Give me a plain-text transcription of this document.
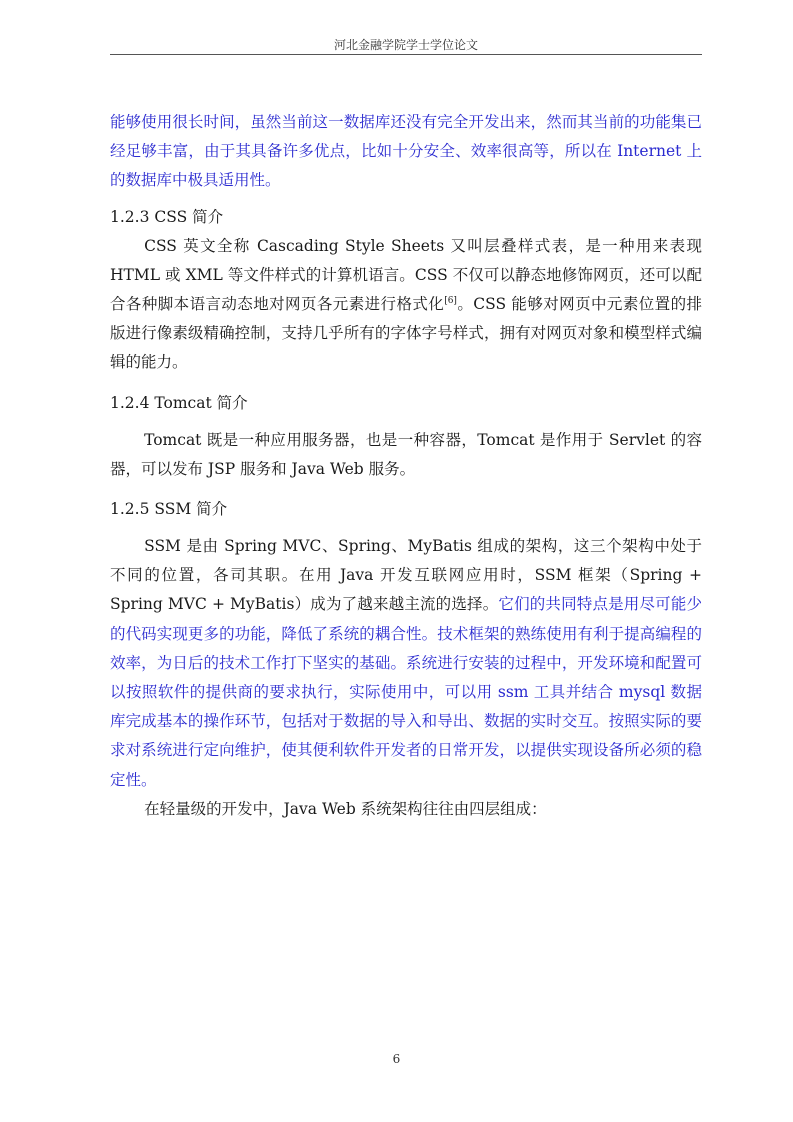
河北金融学院学士学位论文

能够使用很长时间，虽然当前这一数据库还没有完全开发出来，然而其当前的功能集已经足够丰富，由于其具备许多优点，比如十分安全、效率很高等，所以在 Internet 上的数据库中极具适用性。

1.2.3 CSS 简介

CSS 英文全称 Cascading Style Sheets 又叫层叠样式表，是一种用来表现 HTML 或 XML 等文件样式的计算机语言。CSS 不仅可以静态地修饰网页，还可以配合各种脚本语言动态地对网页各元素进行格式化[6]。CSS 能够对网页中元素位置的排版进行像素级精确控制，支持几乎所有的字体字号样式，拥有对网页对象和模型样式编辑的能力。

1.2.4 Tomcat 简介

Tomcat 既是一种应用服务器，也是一种容器，Tomcat 是作用于 Servlet 的容器，可以发布 JSP 服务和 Java Web 服务。

1.2.5 SSM 简介

SSM 是由 Spring MVC、Spring、MyBatis 组成的架构，这三个架构中处于不同的位置，各司其职。在用 Java 开发互联网应用时，SSM 框架（Spring + Spring MVC + MyBatis）成为了越来越主流的选择。它们的共同特点是用尽可能少的代码实现更多的功能，降低了系统的耦合性。技术框架的熟练使用有利于提高编程的效率，为日后的技术工作打下坚实的基础。系统进行安装的过程中，开发环境和配置可以按照软件的提供商的要求执行，实际使用中，可以用 ssm 工具并结合 mysql 数据库完成基本的操作环节，包括对于数据的导入和导出、数据的实时交互。按照实际的要求对系统进行定向维护，使其便利软件开发者的日常开发，以提供实现设备所必须的稳定性。

在轻量级的开发中，Java Web 系统架构往往由四层组成：

6
